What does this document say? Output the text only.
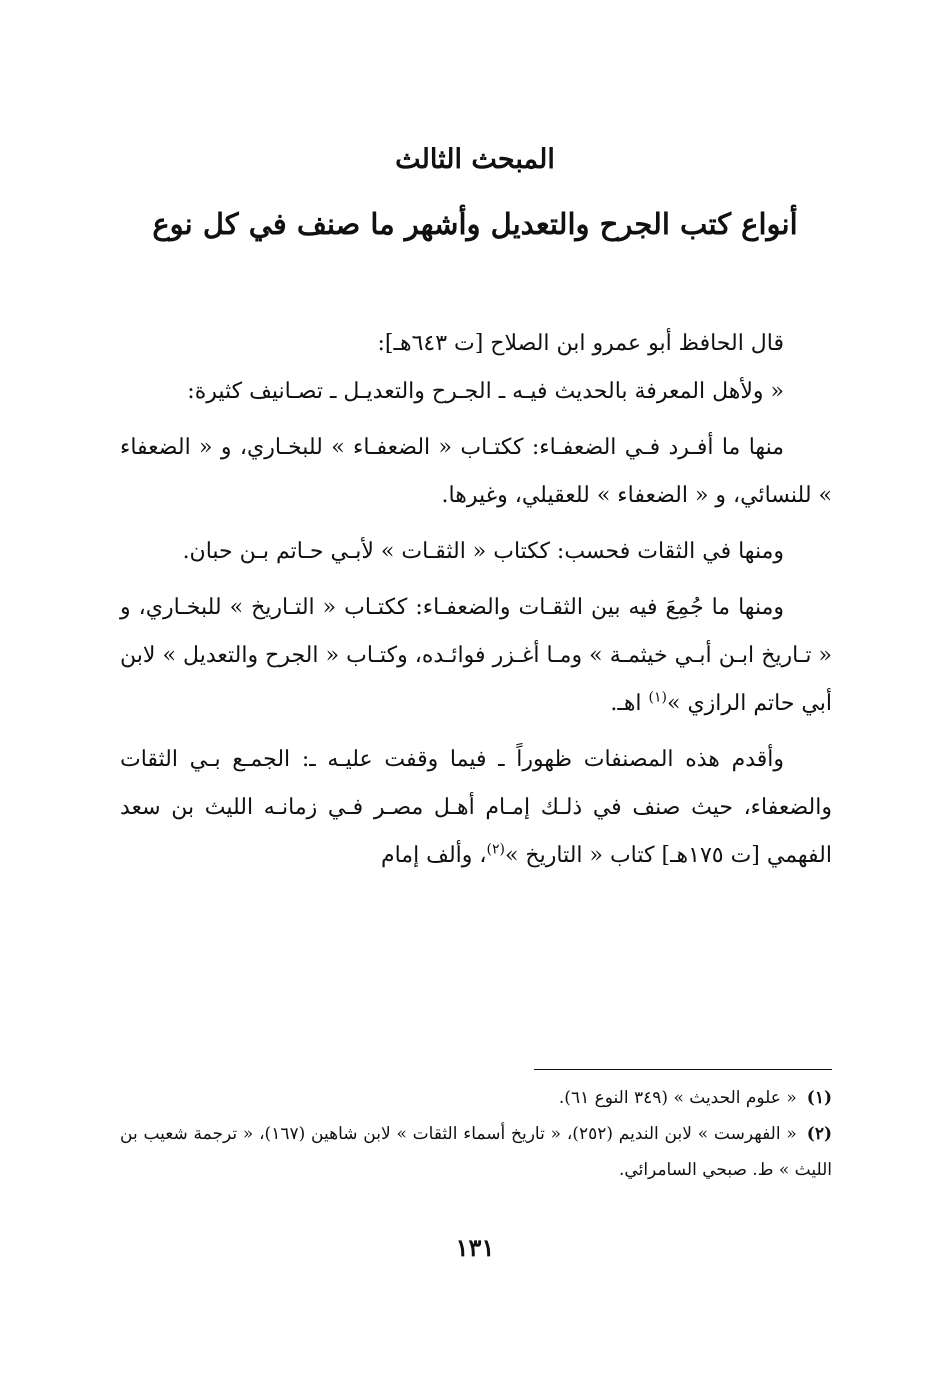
المبحث الثالث
أنواع كتب الجرح والتعديل وأشهر ما صنف في كل نوع

قال الحافظ أبو عمرو ابن الصلاح [ت ٦٤٣هـ]:

« ولأهل المعرفة بالحديث فيـه ـ الجـرح والتعديـل ـ تصـانيف كثيرة:

منها ما أفـرد فـي الضعفـاء: ككتـاب « الضعفـاء » للبخـاري، و « الضعفاء » للنسائي، و « الضعفاء » للعقيلي، وغيرها.

ومنها في الثقات فحسب: ككتاب « الثقـات » لأبـي حـاتم بـن حبان.

ومنها ما جُمِعَ فيه بين الثقـات والضعفـاء: ككتـاب « التـاريخ » للبخـاري، و « تـاريخ ابـن أبـي خيثمـة » ومـا أغـزر فوائـده، وكتـاب « الجرح والتعديل » لابن أبي حاتم الرازي »$^{(١)}$ اهـ.

وأقدم هذه المصنفات ظهوراً ـ فيما وقفت عليـه ـ: الجمـع بـي الثقات والضعفاء، حيث صنف في ذلـك إمـام أهـل مصـر فـي زمانـه الليث بن سعد الفهمي [ت ١٧٥هـ] كتاب « التاريخ »$^{(٢)}$، وألف إمام

(١)« علوم الحديث » (٣٤٩ النوع ٦١).

(٢)« الفهرست » لابن النديم (٢٥٢)، « تاريخ أسماء الثقات » لابن شاهين (١٦٧)، « ترجمة شعيب بن الليث » ط. صبحي السامرائي.

١٣١
